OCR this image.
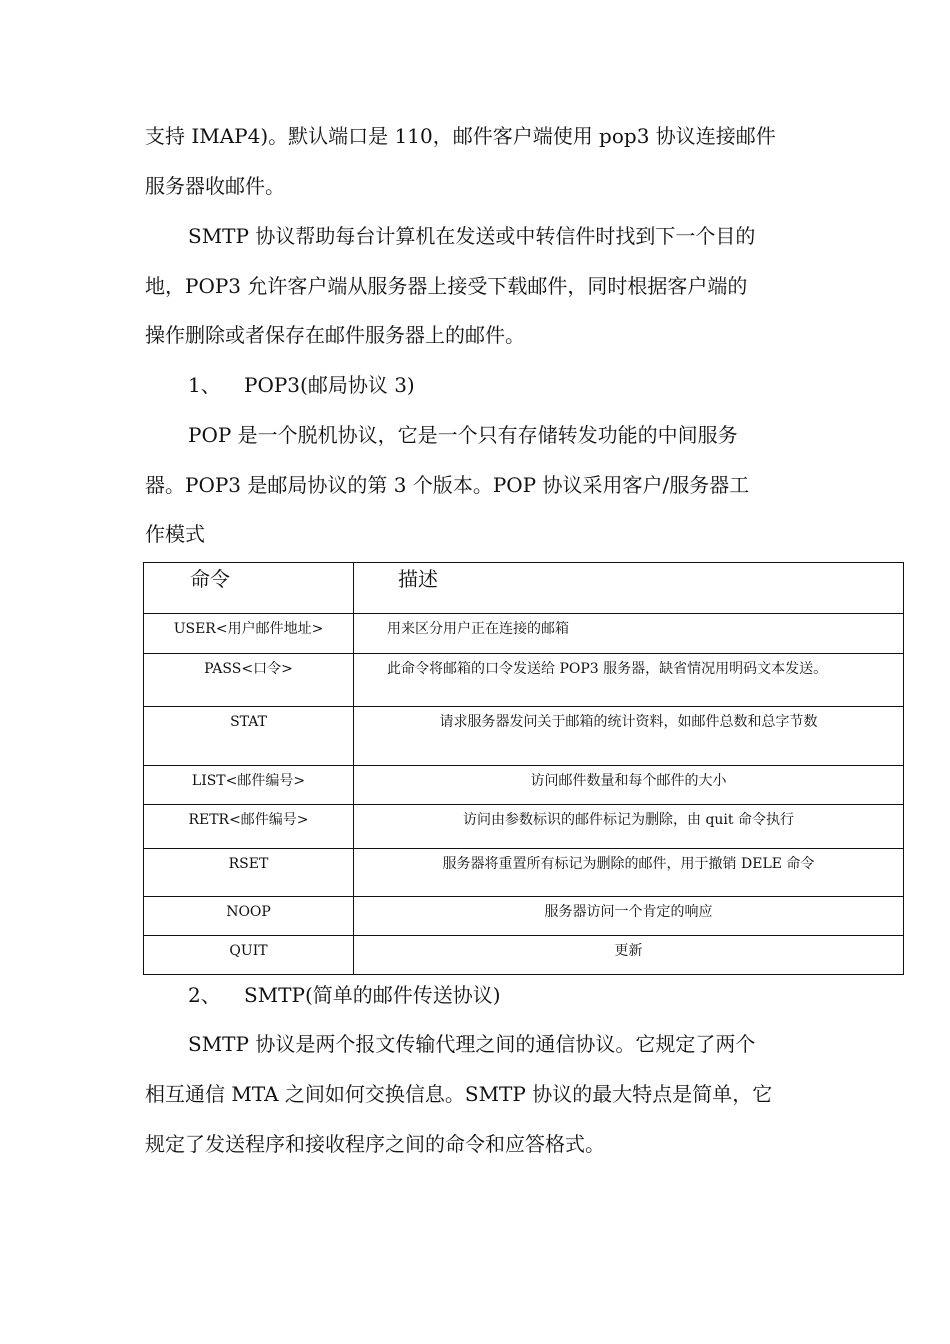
支持 IMAP4)。默认端口是 110，邮件客户端使用 pop3 协议连接邮件
服务器收邮件。
SMTP 协议帮助每台计算机在发送或中转信件时找到下一个目的
地，POP3 允许客户端从服务器上接受下载邮件，同时根据客户端的
操作删除或者保存在邮件服务器上的邮件。
1、 POP3(邮局协议 3)
POP 是一个脱机协议，它是一个只有存储转发功能的中间服务
器。POP3 是邮局协议的第 3 个版本。POP 协议采用客户/服务器工
作模式
命令	描述

USER<用户邮件地址>	用来区分用户正在连接的邮箱

PASS<口令>	此命令将邮箱的口令发送给 POP3 服务器，缺省情况用明码文本发送。

STAT	请求服务器发问关于邮箱的统计资料，如邮件总数和总字节数

LIST<邮件编号>	访问邮件数量和每个邮件的大小

RETR<邮件编号>	访问由参数标识的邮件标记为删除，由 quit 命令执行

RSET	服务器将重置所有标记为删除的邮件，用于撤销 DELE 命令

NOOP	服务器访问一个肯定的响应

QUIT	更新
2、 SMTP(简单的邮件传送协议)
SMTP 协议是两个报文传输代理之间的通信协议。它规定了两个
相互通信 MTA 之间如何交换信息。SMTP 协议的最大特点是简单，它
规定了发送程序和接收程序之间的命令和应答格式。
